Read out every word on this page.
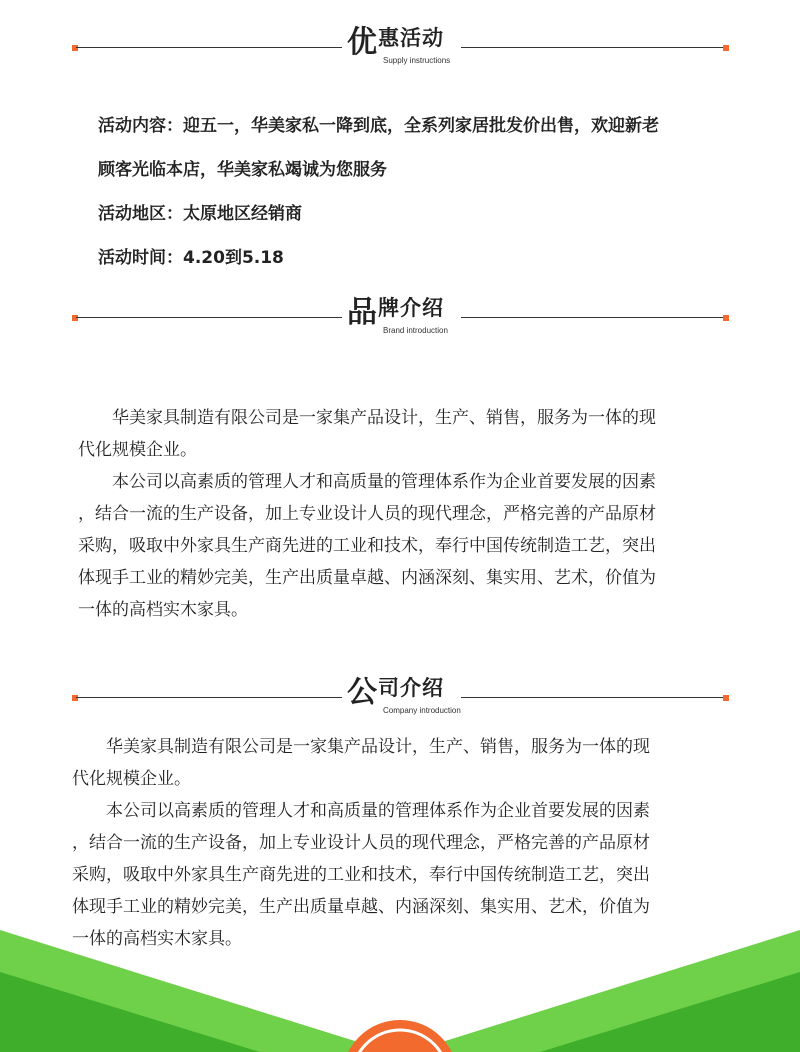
优惠活动
Supply instructions
活动内容：迎五一，华美家私一降到底，全系列家居批发价出售，欢迎新老
顾客光临本店，华美家私竭诚为您服务
活动地区：太原地区经销商
活动时间：4.20到5.18
品牌介绍
Brand introduction

　　华美家具制造有限公司是一家集产品设计，生产、销售，服务为一体的现

代化规模企业。

　　本公司以高素质的管理人才和高质量的管理体系作为企业首要发展的因素

，结合一流的生产设备，加上专业设计人员的现代理念，严格完善的产品原材

采购，吸取中外家具生产商先进的工业和技术，奉行中国传统制造工艺，突出

体现手工业的精妙完美，生产出质量卓越、内涵深刻、集实用、艺术，价值为

一体的高档实木家具。

公司介绍
Company introduction

　　华美家具制造有限公司是一家集产品设计，生产、销售，服务为一体的现

代化规模企业。

　　本公司以高素质的管理人才和高质量的管理体系作为企业首要发展的因素

，结合一流的生产设备，加上专业设计人员的现代理念，严格完善的产品原材

采购，吸取中外家具生产商先进的工业和技术，奉行中国传统制造工艺，突出

体现手工业的精妙完美，生产出质量卓越、内涵深刻、集实用、艺术，价值为

一体的高档实木家具。
